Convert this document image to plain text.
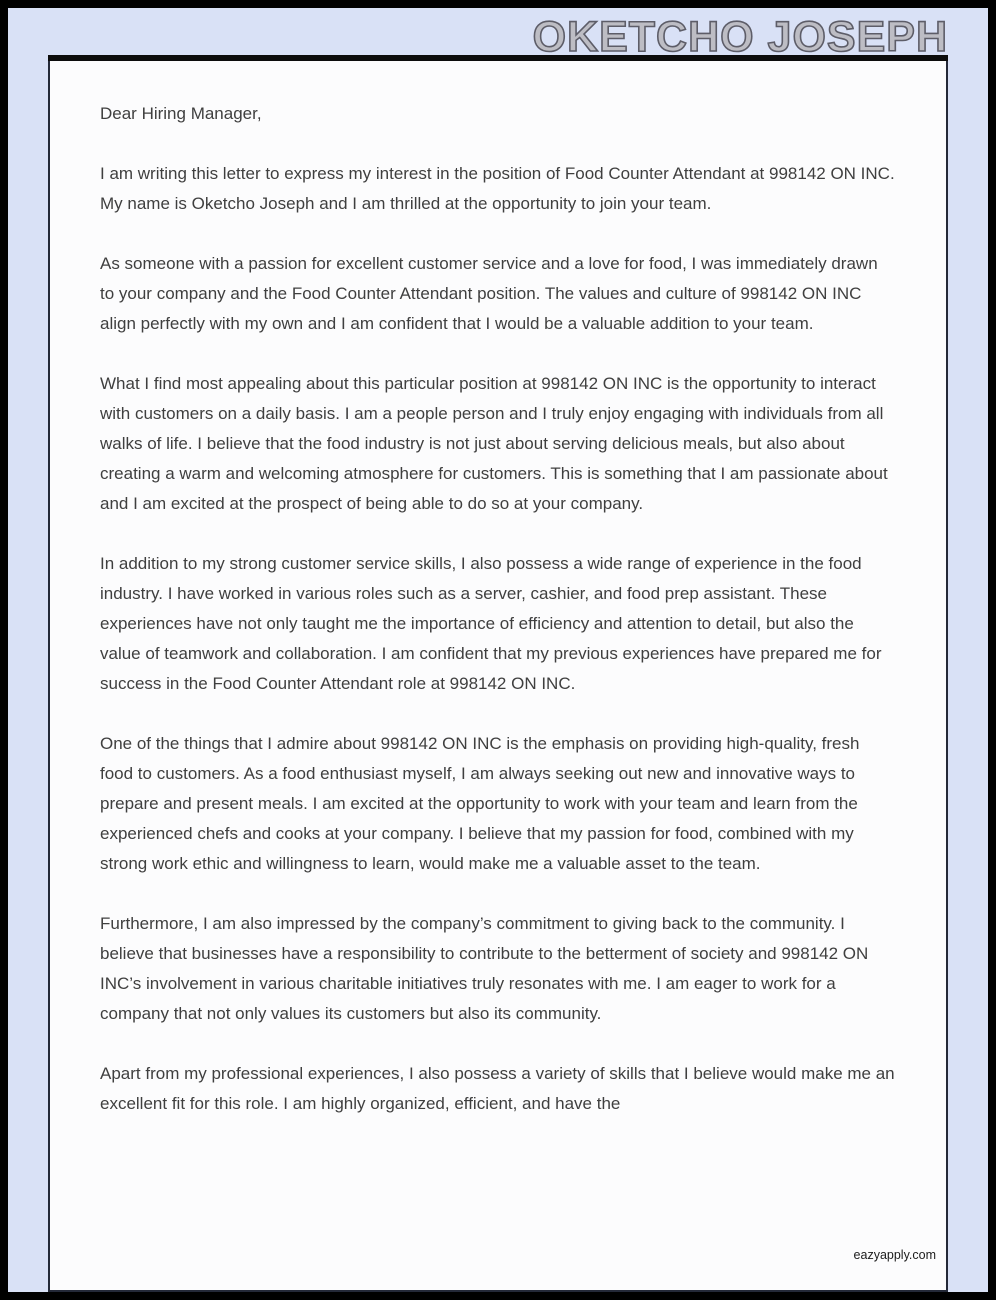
OKETCHO JOSEPH

Dear Hiring Manager,

I am writing this letter to express my interest in the position of Food Counter Attendant at 998142 ON INC. My name is Oketcho Joseph and I am thrilled at the opportunity to join your team.

As someone with a passion for excellent customer service and a love for food, I was immediately drawn to your company and the Food Counter Attendant position. The values and culture of 998142 ON INC align perfectly with my own and I am confident that I would be a valuable addition to your team.

What I find most appealing about this particular position at 998142 ON INC is the opportunity to interact with customers on a daily basis. I am a people person and I truly enjoy engaging with individuals from all walks of life. I believe that the food industry is not just about serving delicious meals, but also about creating a warm and welcoming atmosphere for customers. This is something that I am passionate about and I am excited at the prospect of being able to do so at your company.

In addition to my strong customer service skills, I also possess a wide range of experience in the food industry. I have worked in various roles such as a server, cashier, and food prep assistant. These experiences have not only taught me the importance of efficiency and attention to detail, but also the value of teamwork and collaboration. I am confident that my previous experiences have prepared me for success in the Food Counter Attendant role at 998142 ON INC.

One of the things that I admire about 998142 ON INC is the emphasis on providing high-quality, fresh food to customers. As a food enthusiast myself, I am always seeking out new and innovative ways to prepare and present meals. I am excited at the opportunity to work with your team and learn from the experienced chefs and cooks at your company. I believe that my passion for food, combined with my strong work ethic and willingness to learn, would make me a valuable asset to the team.

Furthermore, I am also impressed by the company’s commitment to giving back to the community. I believe that businesses have a responsibility to contribute to the betterment of society and 998142 ON INC’s involvement in various charitable initiatives truly resonates with me. I am eager to work for a company that not only values its customers but also its community.

Apart from my professional experiences, I also possess a variety of skills that I believe would make me an excellent fit for this role. I am highly organized, efficient, and have the

eazyapply.com
